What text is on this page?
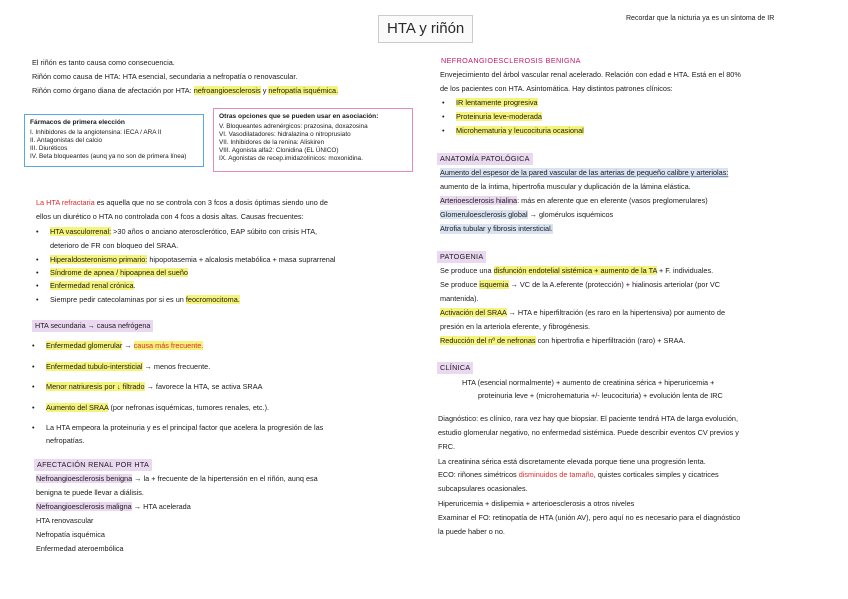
HTA y riñón
Recordar que la nicturia ya es un síntoma de IR
El riñón es tanto causa como consecuencia.
Riñón como causa de HTA: HTA esencial, secundaria a nefropatía o renovascular.
Riñón como órgano diana de afectación por HTA: nefroangioesclerosis y nefropatía isquémica.
Fármacos de primera elección
I. Inhibidores de la angiotensina: IECA / ARA II
II. Antagonistas del calcio
III. Diuréticos
IV. Beta bloqueantes (aunq ya no son de primera línea)
Otras opciones que se pueden usar en asociación:
V. Bloqueantes adrenérgicos: prazosina, doxazosina
VI. Vasodilatadores: hidralazina o nitroprusiato
VII. Inhibidores de la renina: Aliskiren
VIII. Agonista alfa2: Clonidina (EL ÚNICO)
IX. Agonistas de recep.imidazolínicos: moxonidina.
La HTA refractaria es aquella que no se controla con 3 fcos a dosis óptimas siendo uno de
ellos un diurético o HTA no controlada con 4 fcos a dosis altas. Causas frecuentes:
• HTA vasculorrenal: >30 años o anciano aterosclerótico, EAP súbito con crisis HTA,
deterioro de FR con bloqueo del SRAA.
• Hiperaldosteronismo primario: hipopotasemia + alcalosis metabólica + masa suprarrenal
• Síndrome de apnea / hipoapnea del sueño
• Enfermedad renal crónica.
• Siempre pedir catecolaminas por si es un feocromocitoma.
HTA secundaria → causa nefrógena
• Enfermedad glomerular → causa más frecuente.
• Enfermedad tubulo-intersticial → menos frecuente.
• Menor natriuresis por ↓ filtrado → favorece la HTA, se activa SRAA
• Aumento del SRAA (por nefronas isquémicas, tumores renales, etc.).
• La HTA empeora la proteinuria y es el principal factor que acelera la progresión de las
nefropatías.
AFECTACIÓN RENAL POR HTA
Nefroangioesclerosis benigna → la + frecuente de la hipertensión en el riñón, aunq esa
benigna te puede llevar a diálisis.
Nefroangioesclerosis maligna → HTA acelerada
HTA renovascular
Nefropatía isquémica
Enfermedad ateroembólica
NEFROANGIOESCLEROSIS BENIGNA
Envejecimiento del árbol vascular renal acelerado. Relación con edad e HTA. Está en el 80%
de los pacientes con HTA. Asintomática. Hay distintos patrones clínicos:
• IR lentamente progresiva
• Proteinuria leve-moderada
• Microhematuria y leucocituria ocasional
ANATOMÍA PATOLÓGICA
Aumento del espesor de la pared vascular de las arterias de pequeño calibre y arteriolas:
aumento de la íntima, hipertrofia muscular y duplicación de la lámina elástica.
Arterioesclerosis hialina: más en aferente que en eferente (vasos preglomerulares)
Glomeruloesclerosis global → glomérulos isquémicos
Atrofia tubular y fibrosis intersticial.
PATOGENIA
Se produce una disfunción endotelial sistémica + aumento de la TA + F. individuales.
Se produce isquemia → VC de la A.eferente (protección) + hialinosis arteriolar (por VC
mantenida).
Activación del SRAA → HTA e hiperfiltración (es raro en la hipertensiva) por aumento de
presión en la arteriola eferente, y fibrogénesis.
Reducción del nº de nefronas con hipertrofia e hiperfiltración (raro) + SRAA.
CLÍNICA
HTA (esencial normalmente) + aumento de creatinina sérica + hiperuricemia +
proteinuria leve + (microhematuria +/- leucocituria) + evolución lenta de IRC
Diagnóstico: es clínico, rara vez hay que biopsiar. El paciente tendrá HTA de larga evolución,
estudio glomerular negativo, no enfermedad sistémica. Puede describir eventos CV previos y
FRC.
La creatinina sérica está discretamente elevada porque tiene una progresión lenta.
ECO: riñones simétricos disminuidos de tamaño, quistes corticales simples y cicatrices
subcapsulares ocasionales.
Hiperuricemia + dislipemia + arterioesclerosis a otros niveles
Examinar el FO: retinopatía de HTA (unión AV), pero aquí no es necesario para el diagnóstico
la puede haber o no.
